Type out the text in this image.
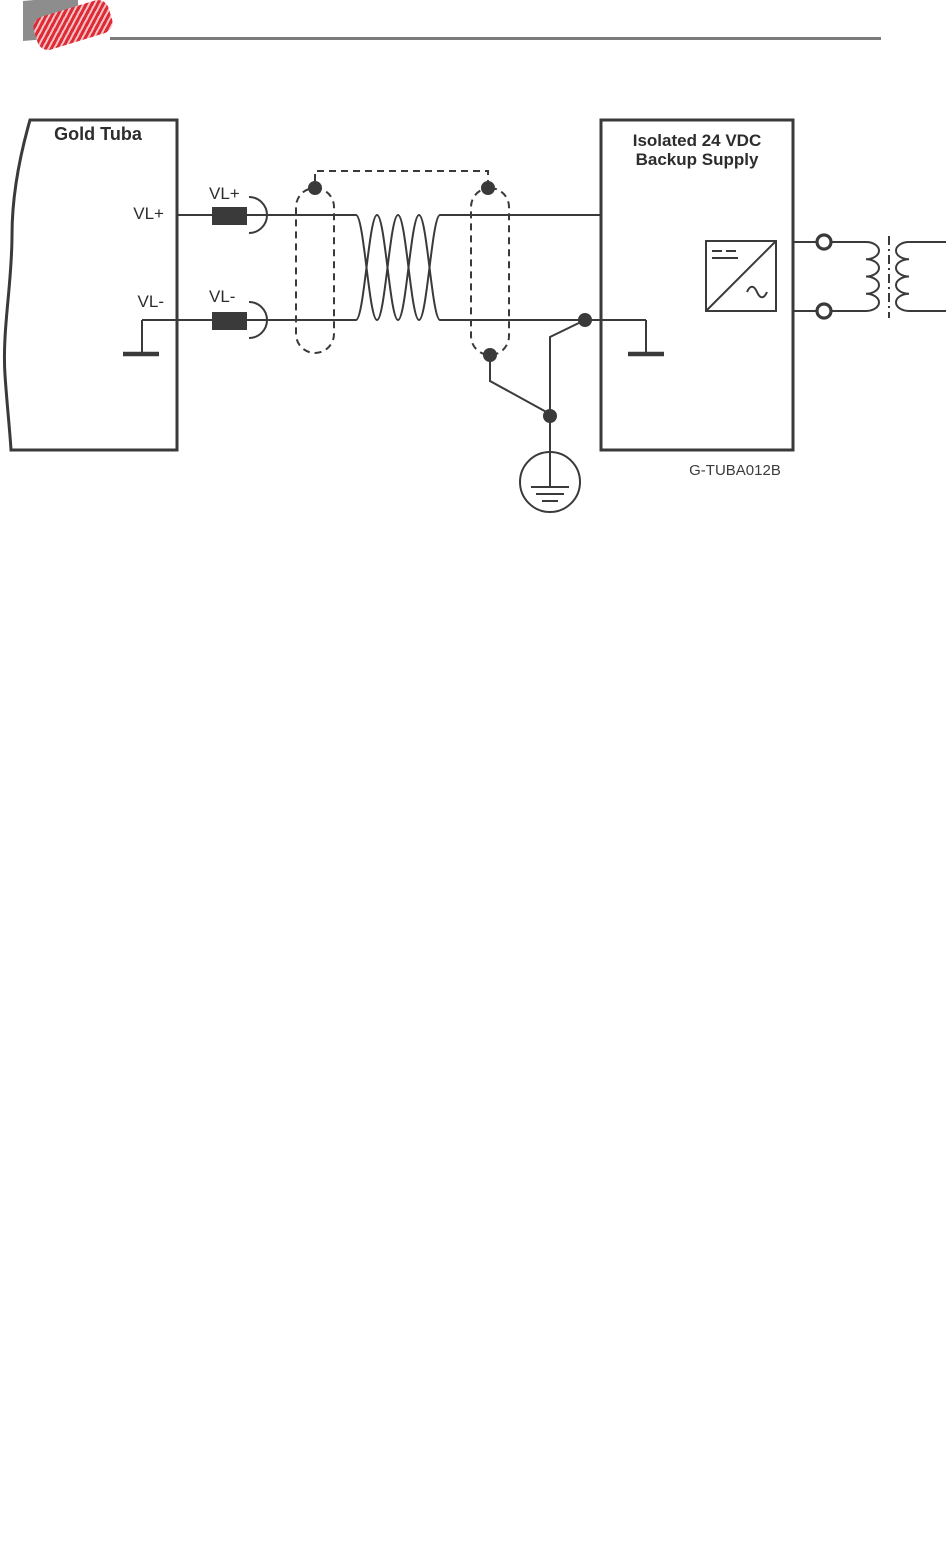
Gold Tuba
VL+
VL-
VL+
VL-
Isolated 24 VDC
Backup Supply
G-TUBA012B
